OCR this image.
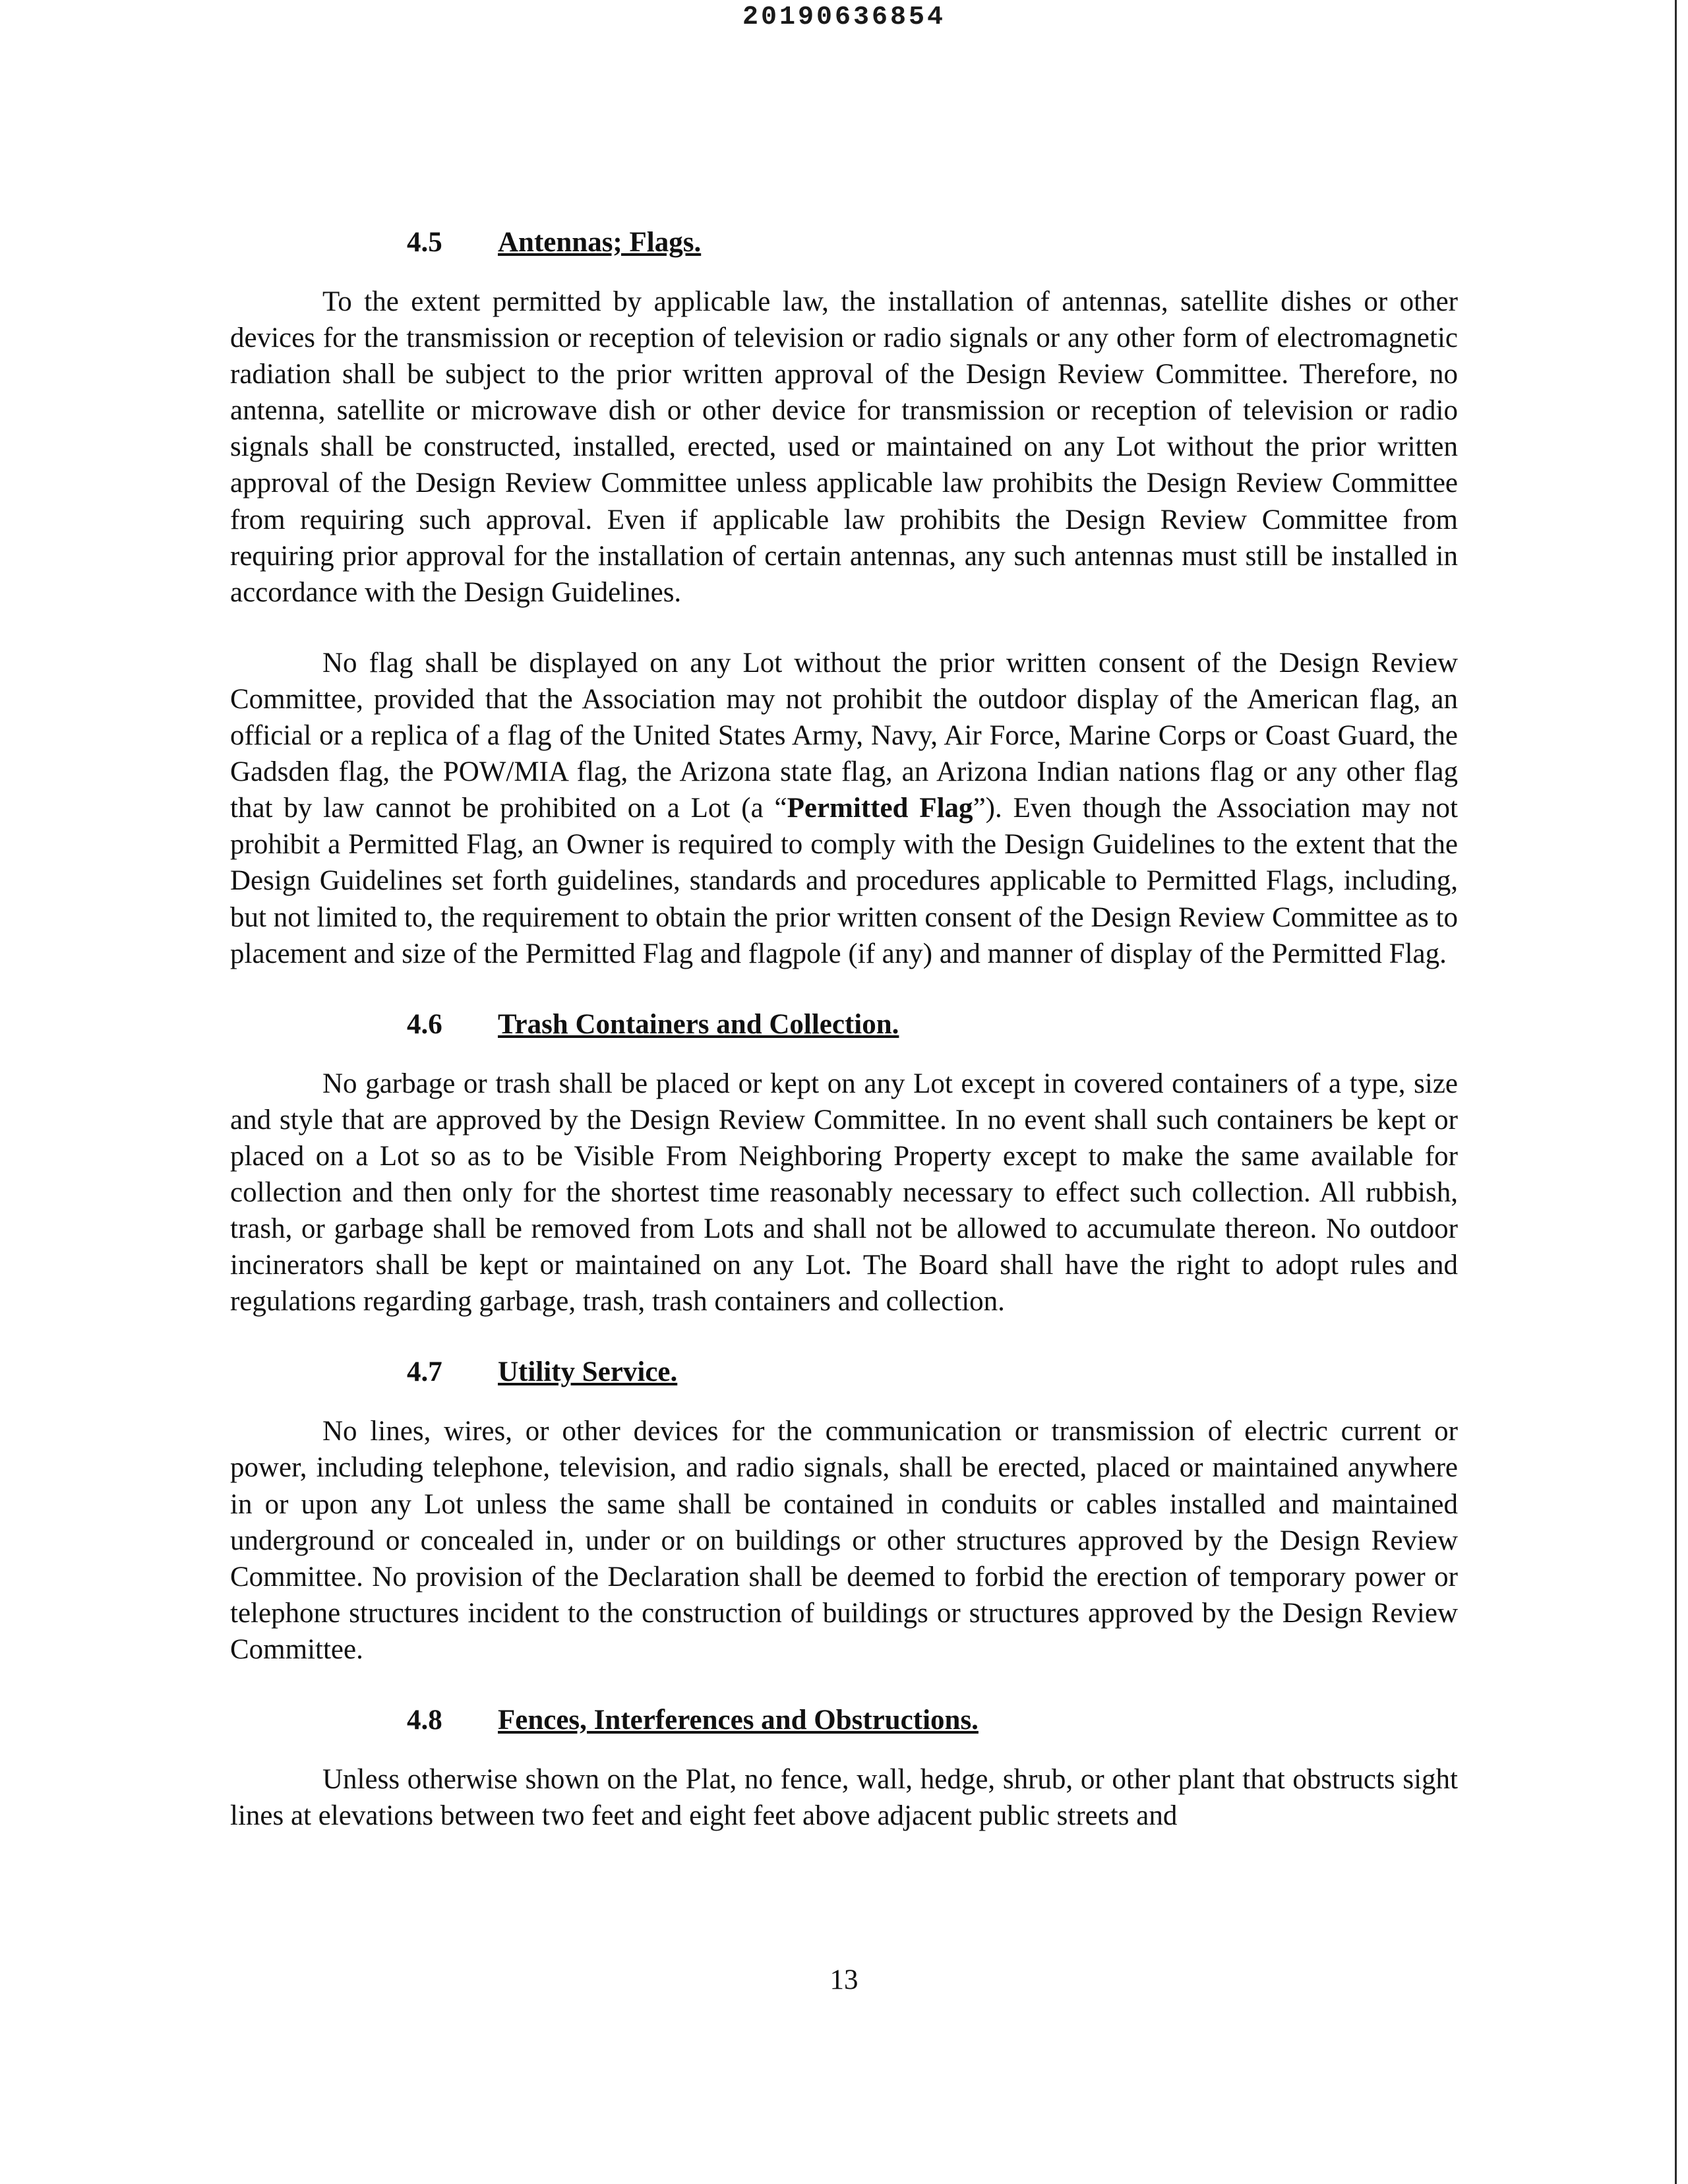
20190636854
4.5 Antennas; Flags.

To the extent permitted by applicable law, the installation of antennas, satellite dishes or other devices for the transmission or reception of television or radio signals or any other form of electromagnetic radiation shall be subject to the prior written approval of the Design Review Committee. Therefore, no antenna, satellite or microwave dish or other device for transmission or reception of television or radio signals shall be constructed, installed, erected, used or maintained on any Lot without the prior written approval of the Design Review Committee unless applicable law prohibits the Design Review Committee from requiring such approval. Even if applicable law prohibits the Design Review Committee from requiring prior approval for the installation of certain antennas, any such antennas must still be installed in accordance with the Design Guidelines.

No flag shall be displayed on any Lot without the prior written consent of the Design Review Committee, provided that the Association may not prohibit the outdoor display of the American flag, an official or a replica of a flag of the United States Army, Navy, Air Force, Marine Corps or Coast Guard, the Gadsden flag, the POW/MIA flag, the Arizona state flag, an Arizona Indian nations flag or any other flag that by law cannot be prohibited on a Lot (a “Permitted Flag”). Even though the Association may not prohibit a Permitted Flag, an Owner is required to comply with the Design Guidelines to the extent that the Design Guidelines set forth guidelines, standards and procedures applicable to Permitted Flags, including, but not limited to, the requirement to obtain the prior written consent of the Design Review Committee as to placement and size of the Permitted Flag and flagpole (if any) and manner of display of the Permitted Flag.

4.6 Trash Containers and Collection.

No garbage or trash shall be placed or kept on any Lot except in covered containers of a type, size and style that are approved by the Design Review Committee. In no event shall such containers be kept or placed on a Lot so as to be Visible From Neighboring Property except to make the same available for collection and then only for the shortest time reasonably necessary to effect such collection. All rubbish, trash, or garbage shall be removed from Lots and shall not be allowed to accumulate thereon. No outdoor incinerators shall be kept or maintained on any Lot. The Board shall have the right to adopt rules and regulations regarding garbage, trash, trash containers and collection.

4.7 Utility Service.

No lines, wires, or other devices for the communication or transmission of electric current or power, including telephone, television, and radio signals, shall be erected, placed or maintained anywhere in or upon any Lot unless the same shall be contained in conduits or cables installed and maintained underground or concealed in, under or on buildings or other structures approved by the Design Review Committee. No provision of the Declaration shall be deemed to forbid the erection of temporary power or telephone structures incident to the construction of buildings or structures approved by the Design Review Committee.

4.8 Fences, Interferences and Obstructions.

Unless otherwise shown on the Plat, no fence, wall, hedge, shrub, or other plant that obstructs sight lines at elevations between two feet and eight feet above adjacent public streets and

13
